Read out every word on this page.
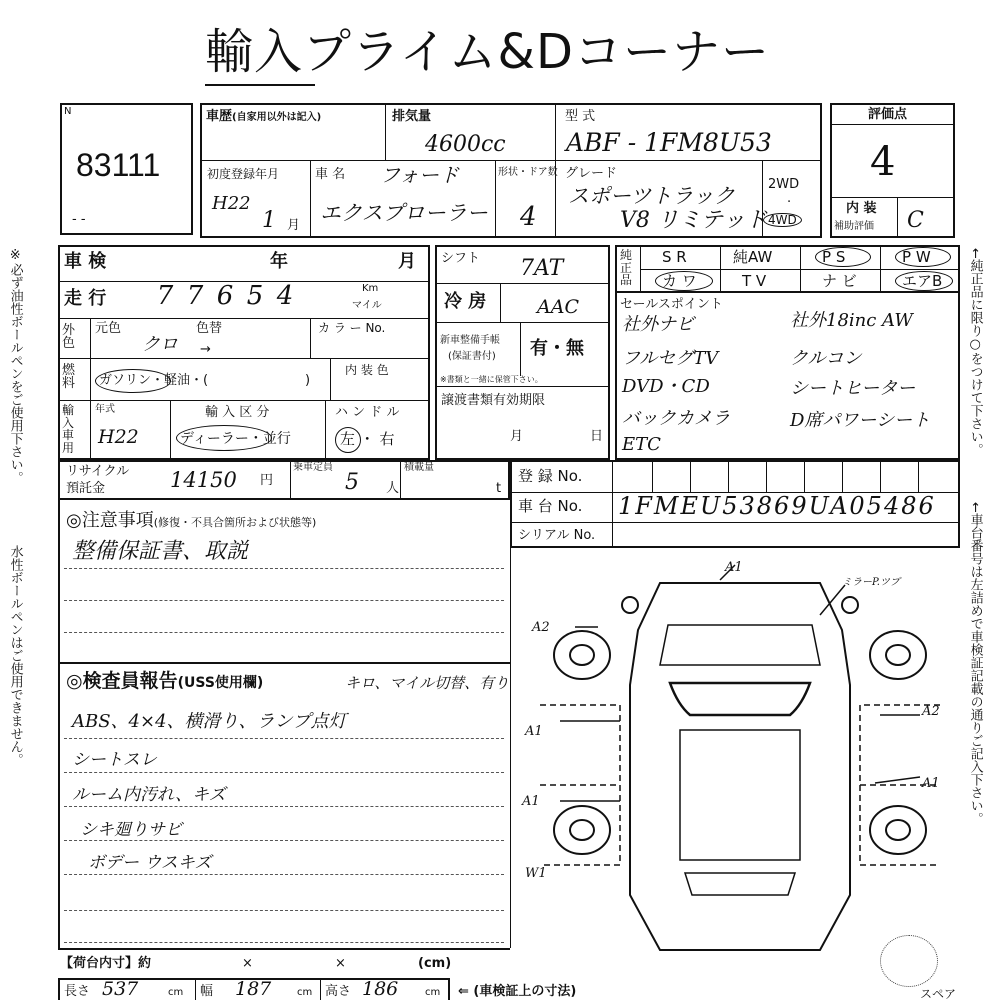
輸入プライム&Dコーナー
※必ず油性ボールペンをご使用下さい。
水性ボールペンはご使用できません。
←純正品に限り○をつけて下さい。
←車台番号は左詰めで車検証記載の通りご記入下さい。
N
83111
- -
車歴(自家用以外は記入)	排気量
4600cc
型 式
ABF - 1FM8U53
初度登録年月
H22
1 月
車 名 フォード
エクスプローラー
形状・ドア数
4
グレード
スポーツトラック
V8 リミテッド
2WD
·
4WD
評価点
4
内 装
補助評価 C
車 検	年	月
走 行 7 7 6 5 4	Km
マイル
外色
元色
クロ
色替
→
カ ラ ー No.
燃料	ガソリン・軽油・(	)
内 装 色
輸入車用
年式
H22
輸 入 区 分
ディーラー・並行
ハ ン ド ル
左 ・ 右
シフト 7AT
冷 房	AAC
新車整備手帳
(保証書付) 有・無
※書類と一緒に保管下さい。
譲渡書類有効期限
月	日
純正品
S R	純AW	P S	P W
カ ワ	T V	ナ ビ	エアB
セールスポイント
社外ナビ	社外18inc AW
フルセグTV	クルコン
DVD・CD	シートヒーター
バックカメラ	D席パワーシート
ETC
リサイクル
預託金	14150 円
乗車定員
5 人
積載量
t
登 録 No.
車 台 No. 1FMEU53869UA05486
シリアル No.
◎注意事項(修復・不具合箇所および状態等)
整備保証書、取説
◎検査員報告(USS使用欄)	キロ、マイル切替、有り
ABS、4×4、横滑り、ランプ点灯
シートスレ
ルーム内汚れ、キズ
シキ廻りサビ
ボデー ウスキズ
A1
ミラーP.ツブ
A2
A1
A1
A2
A1
W1
スペア
【荷台内寸】約	×	×	(cm)
長さ 537	cm 幅 187	cm 高さ 186	cm ⇐ (車検証上の寸法)
